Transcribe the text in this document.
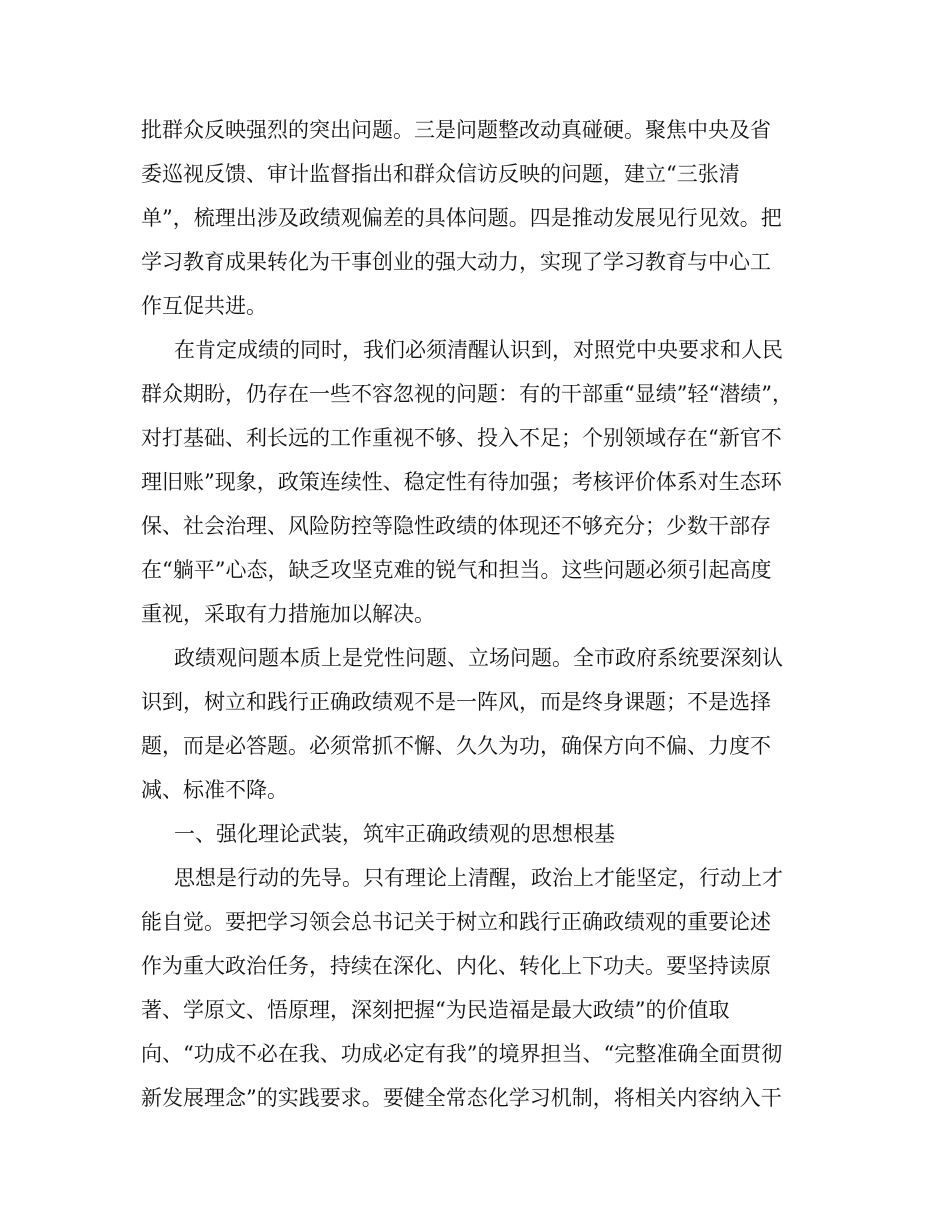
批群众反映强烈的突出问题。三是问题整改动真碰硬。聚焦中央及省
委巡视反馈、审计监督指出和群众信访反映的问题，建立“三张清
单”，梳理出涉及政绩观偏差的具体问题。四是推动发展见行见效。把
学习教育成果转化为干事创业的强大动力，实现了学习教育与中心工
作互促共进。
在肯定成绩的同时，我们必须清醒认识到，对照党中央要求和人民
群众期盼，仍存在一些不容忽视的问题：有的干部重“显绩”轻“潜绩”，
对打基础、利长远的工作重视不够、投入不足；个别领域存在“新官不
理旧账”现象，政策连续性、稳定性有待加强；考核评价体系对生态环
保、社会治理、风险防控等隐性政绩的体现还不够充分；少数干部存
在“躺平”心态，缺乏攻坚克难的锐气和担当。这些问题必须引起高度
重视，采取有力措施加以解决。
政绩观问题本质上是党性问题、立场问题。全市政府系统要深刻认
识到，树立和践行正确政绩观不是一阵风，而是终身课题；不是选择
题，而是必答题。必须常抓不懈、久久为功，确保方向不偏、力度不
减、标准不降。
一、强化理论武装，筑牢正确政绩观的思想根基
思想是行动的先导。只有理论上清醒，政治上才能坚定，行动上才
能自觉。要把学习领会总书记关于树立和践行正确政绩观的重要论述
作为重大政治任务，持续在深化、内化、转化上下功夫。要坚持读原
著、学原文、悟原理，深刻把握“为民造福是最大政绩”的价值取
向、“功成不必在我、功成必定有我”的境界担当、“完整准确全面贯彻
新发展理念”的实践要求。要健全常态化学习机制，将相关内容纳入干
